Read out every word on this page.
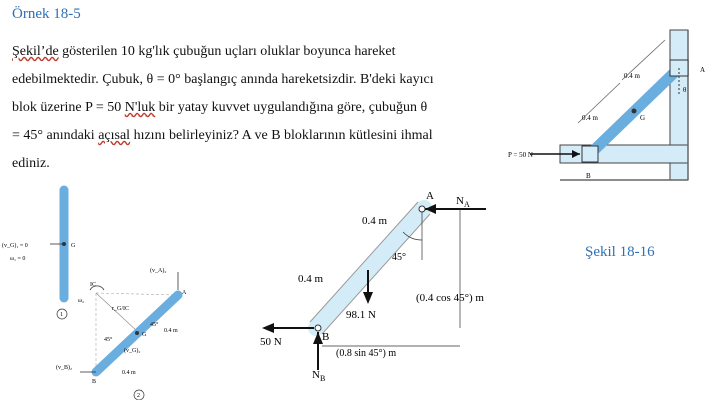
Örnek 18-5
Şekil’de gösterilen 10 kg'lık çubuğun uçları oluklar boyunca hareket
edebilmektedir. Çubuk, θ = 0° başlangıç anında hareketsizdir. B'deki kayıcı
blok üzerine P = 50 N'luk bir yatay kuvvet uygulandığına göre, çubuğun θ
= 45° anındaki açısal hızını belirleyiniz? A ve B bloklarının kütlesini ihmal
ediniz.
0.4 m
0.4 m
A
B
G
θ
P = 50 N
Şekil 18-16
(v_G)₁ = 0
ω₁ = 0
G
1
IC
ω₂
(v_A)₂
r_G/IC
A
45°
G
0.4 m
45°
(v_G)₂
(v_B)₂
B
0.4 m
2
A $N_A$
0.4 m
45°
0.4 m
(0.4 cos 45°) m
98.1 N
50 N	B
(0.8 sin 45°) m
$N_B$
